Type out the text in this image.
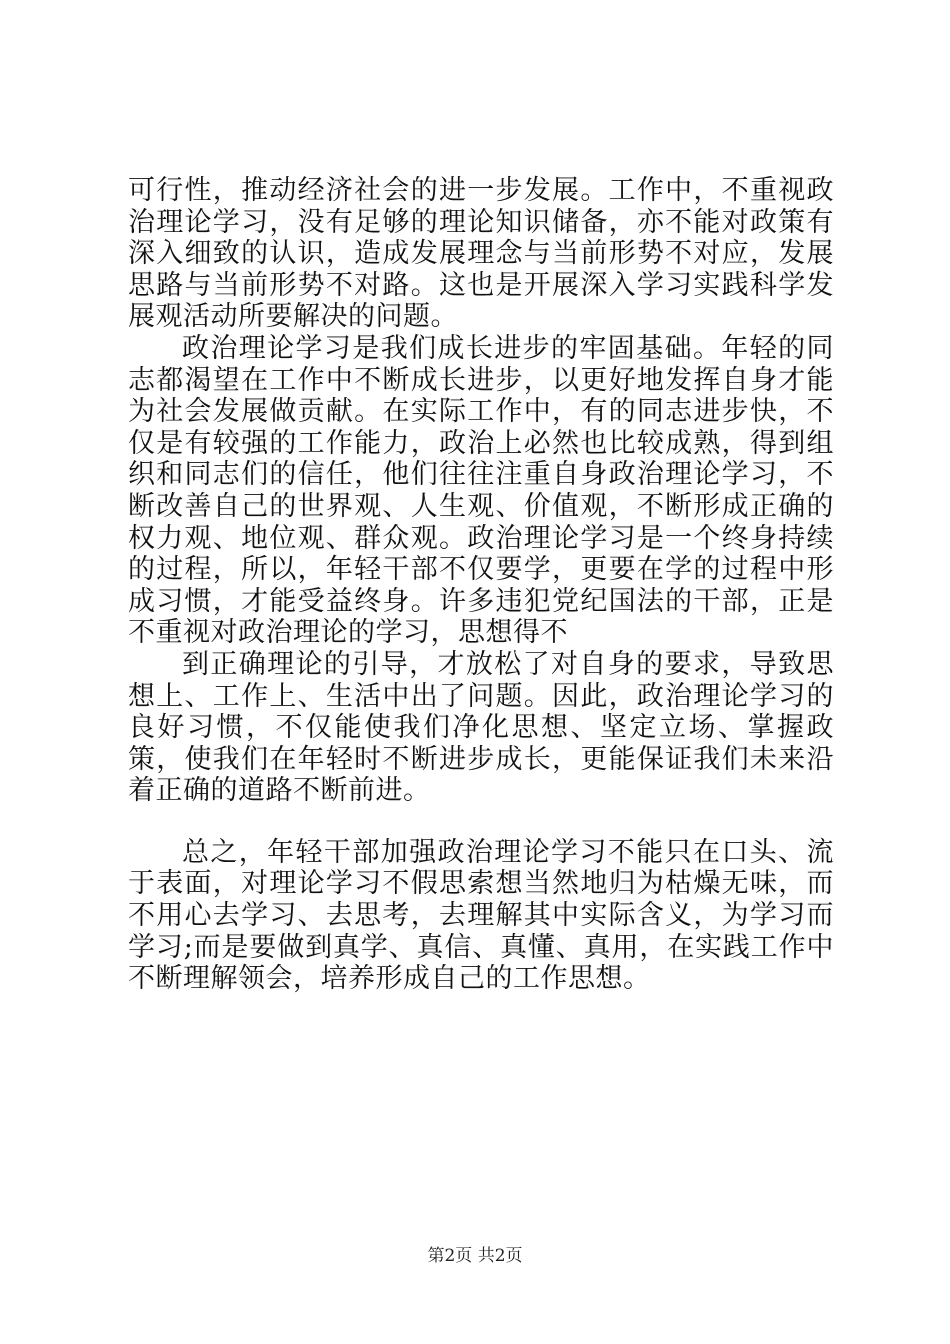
可行性，推动经济社会的进一步发展。工作中，不重视政治理论学习，没有足够的理论知识储备，亦不能对政策有深入细致的认识，造成发展理念与当前形势不对应，发展思路与当前形势不对路。这也是开展深入学习实践科学发展观活动所要解决的问题。

政治理论学习是我们成长进步的牢固基础。年轻的同志都渴望在工作中不断成长进步，以更好地发挥自身才能为社会发展做贡献。在实际工作中，有的同志进步快，不仅是有较强的工作能力，政治上必然也比较成熟，得到组织和同志们的信任，他们往往注重自身政治理论学习，不断改善自己的世界观、人生观、价值观，不断形成正确的权力观、地位观、群众观。政治理论学习是一个终身持续的过程，所以，年轻干部不仅要学，更要在学的过程中形成习惯，才能受益终身。许多违犯党纪国法的干部，正是不重视对政治理论的学习，思想得不

到正确理论的引导，才放松了对自身的要求，导致思想上、工作上、生活中出了问题。因此，政治理论学习的良好习惯，不仅能使我们净化思想、坚定立场、掌握政策，使我们在年轻时不断进步成长，更能保证我们未来沿着正确的道路不断前进。

总之，年轻干部加强政治理论学习不能只在口头、流于表面，对理论学习不假思索想当然地归为枯燥无味，而不用心去学习、去思考，去理解其中实际含义，为学习而学习;而是要做到真学、真信、真懂、真用，在实践工作中不断理解领会，培养形成自己的工作思想。

第2页 共2页
